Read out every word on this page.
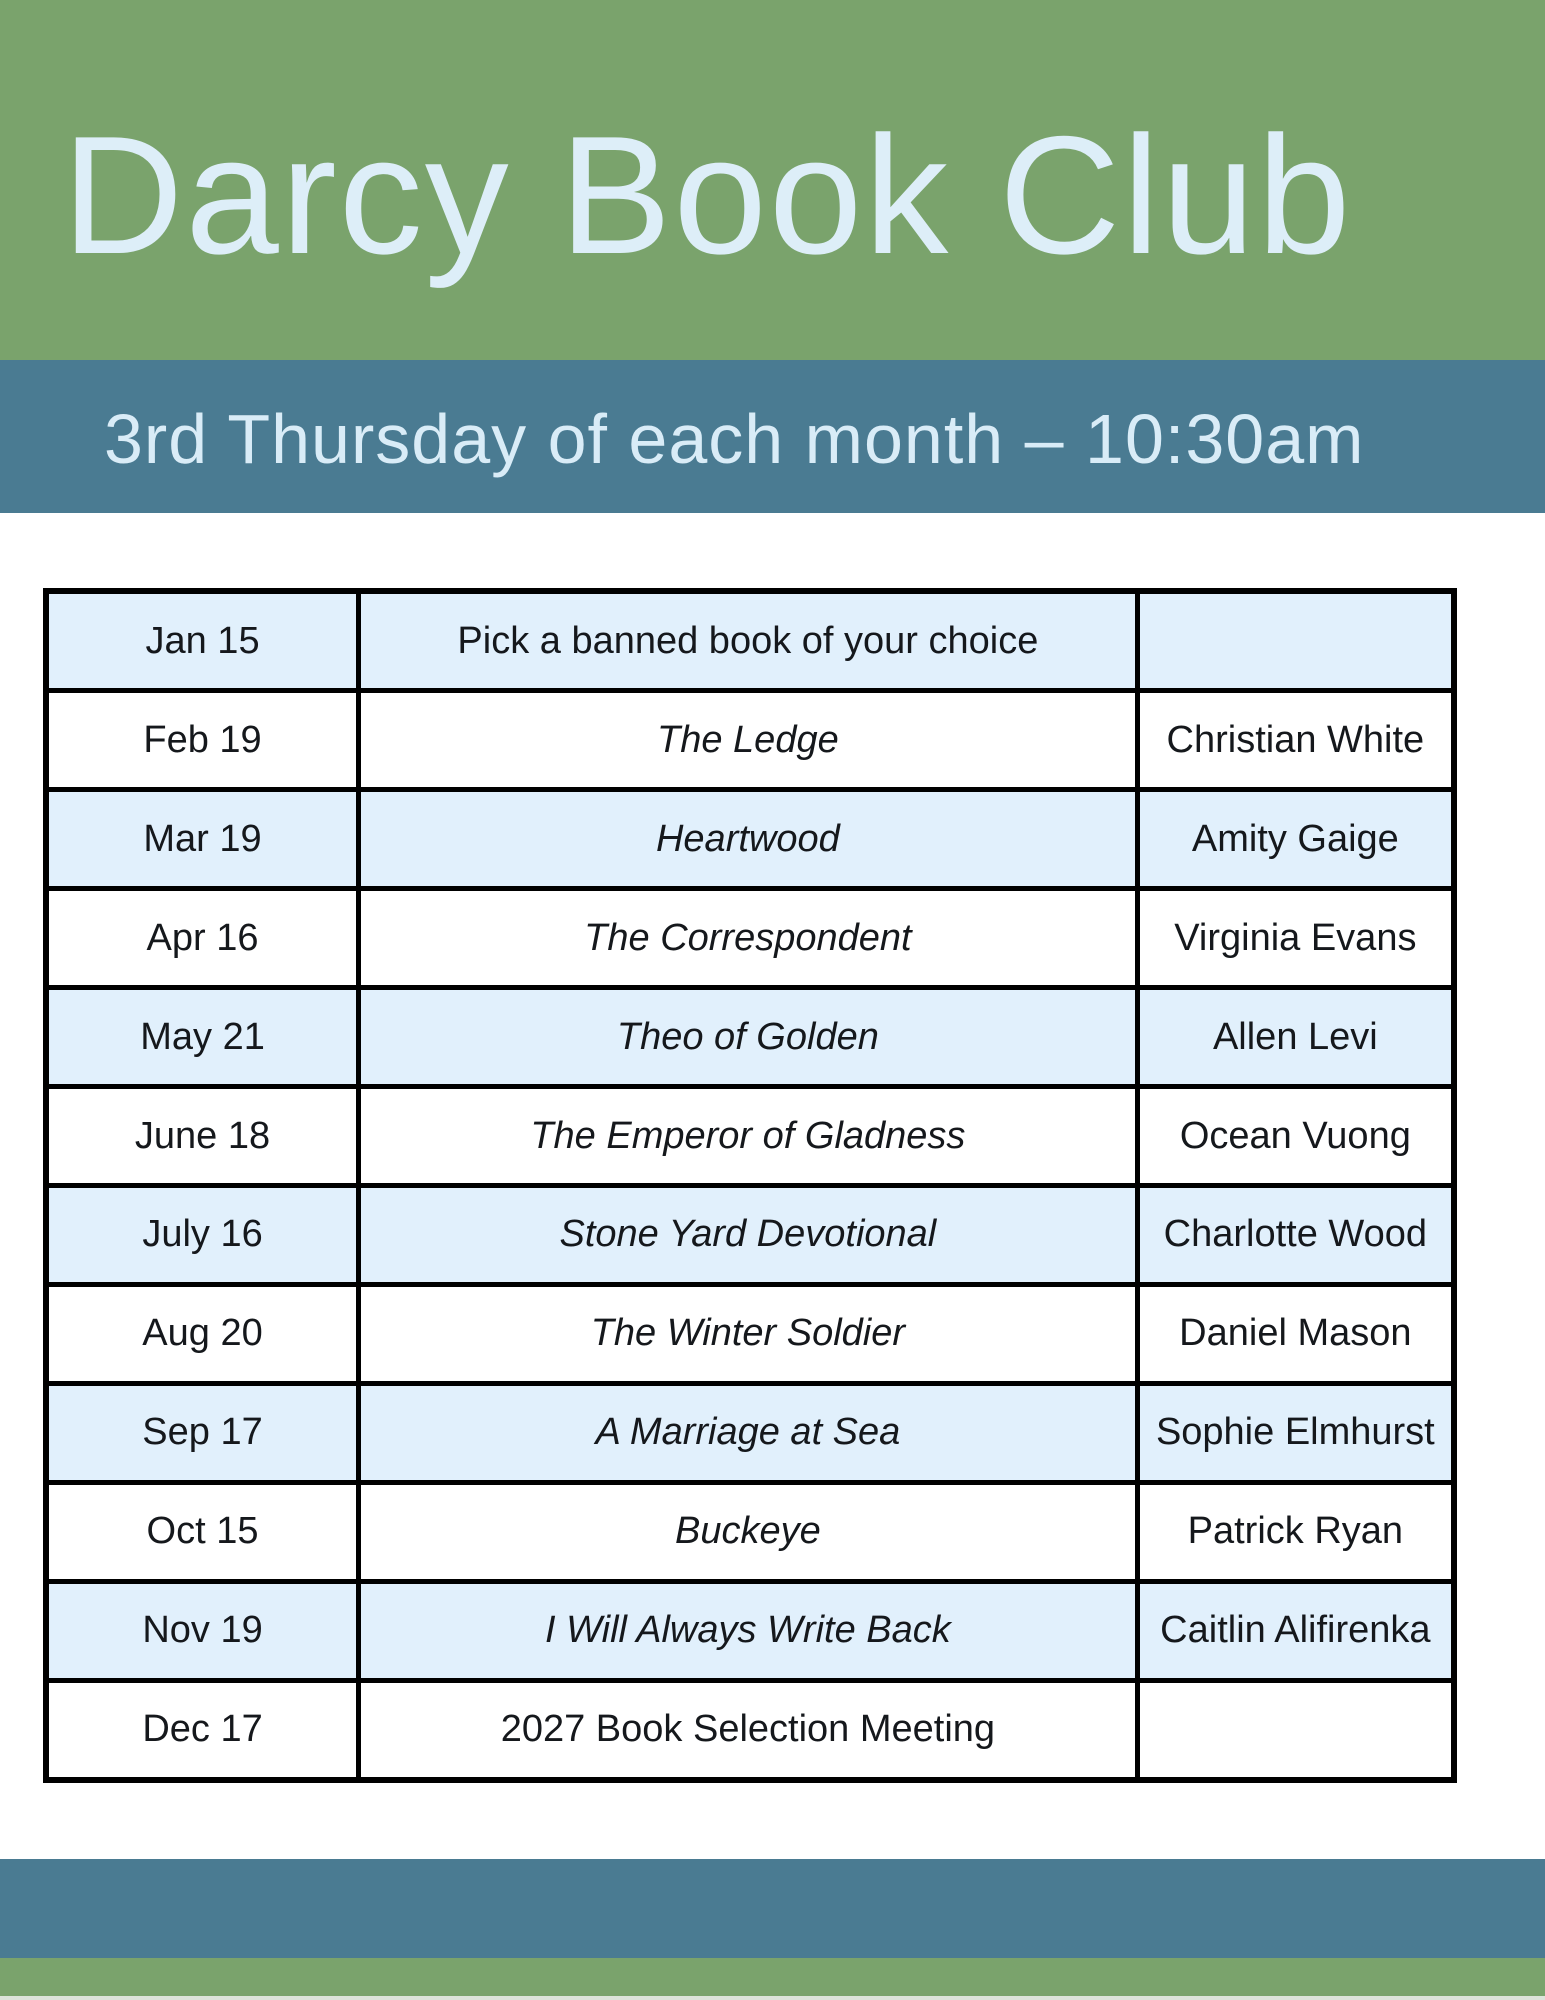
Darcy Book Club
3rd Thursday of each month – 10:30am
Jan 15	Pick a banned book of your choice	
Feb 19	The Ledge	Christian White
Mar 19	Heartwood	Amity Gaige
Apr 16	The Correspondent	Virginia Evans
May 21	Theo of Golden	Allen Levi
June 18	The Emperor of Gladness	Ocean Vuong
July 16	Stone Yard Devotional	Charlotte Wood
Aug 20	The Winter Soldier	Daniel Mason
Sep 17	A Marriage at Sea	Sophie Elmhurst
Oct 15	Buckeye	Patrick Ryan
Nov 19	I Will Always Write Back	Caitlin Alifirenka
Dec 17	2027 Book Selection Meeting	
